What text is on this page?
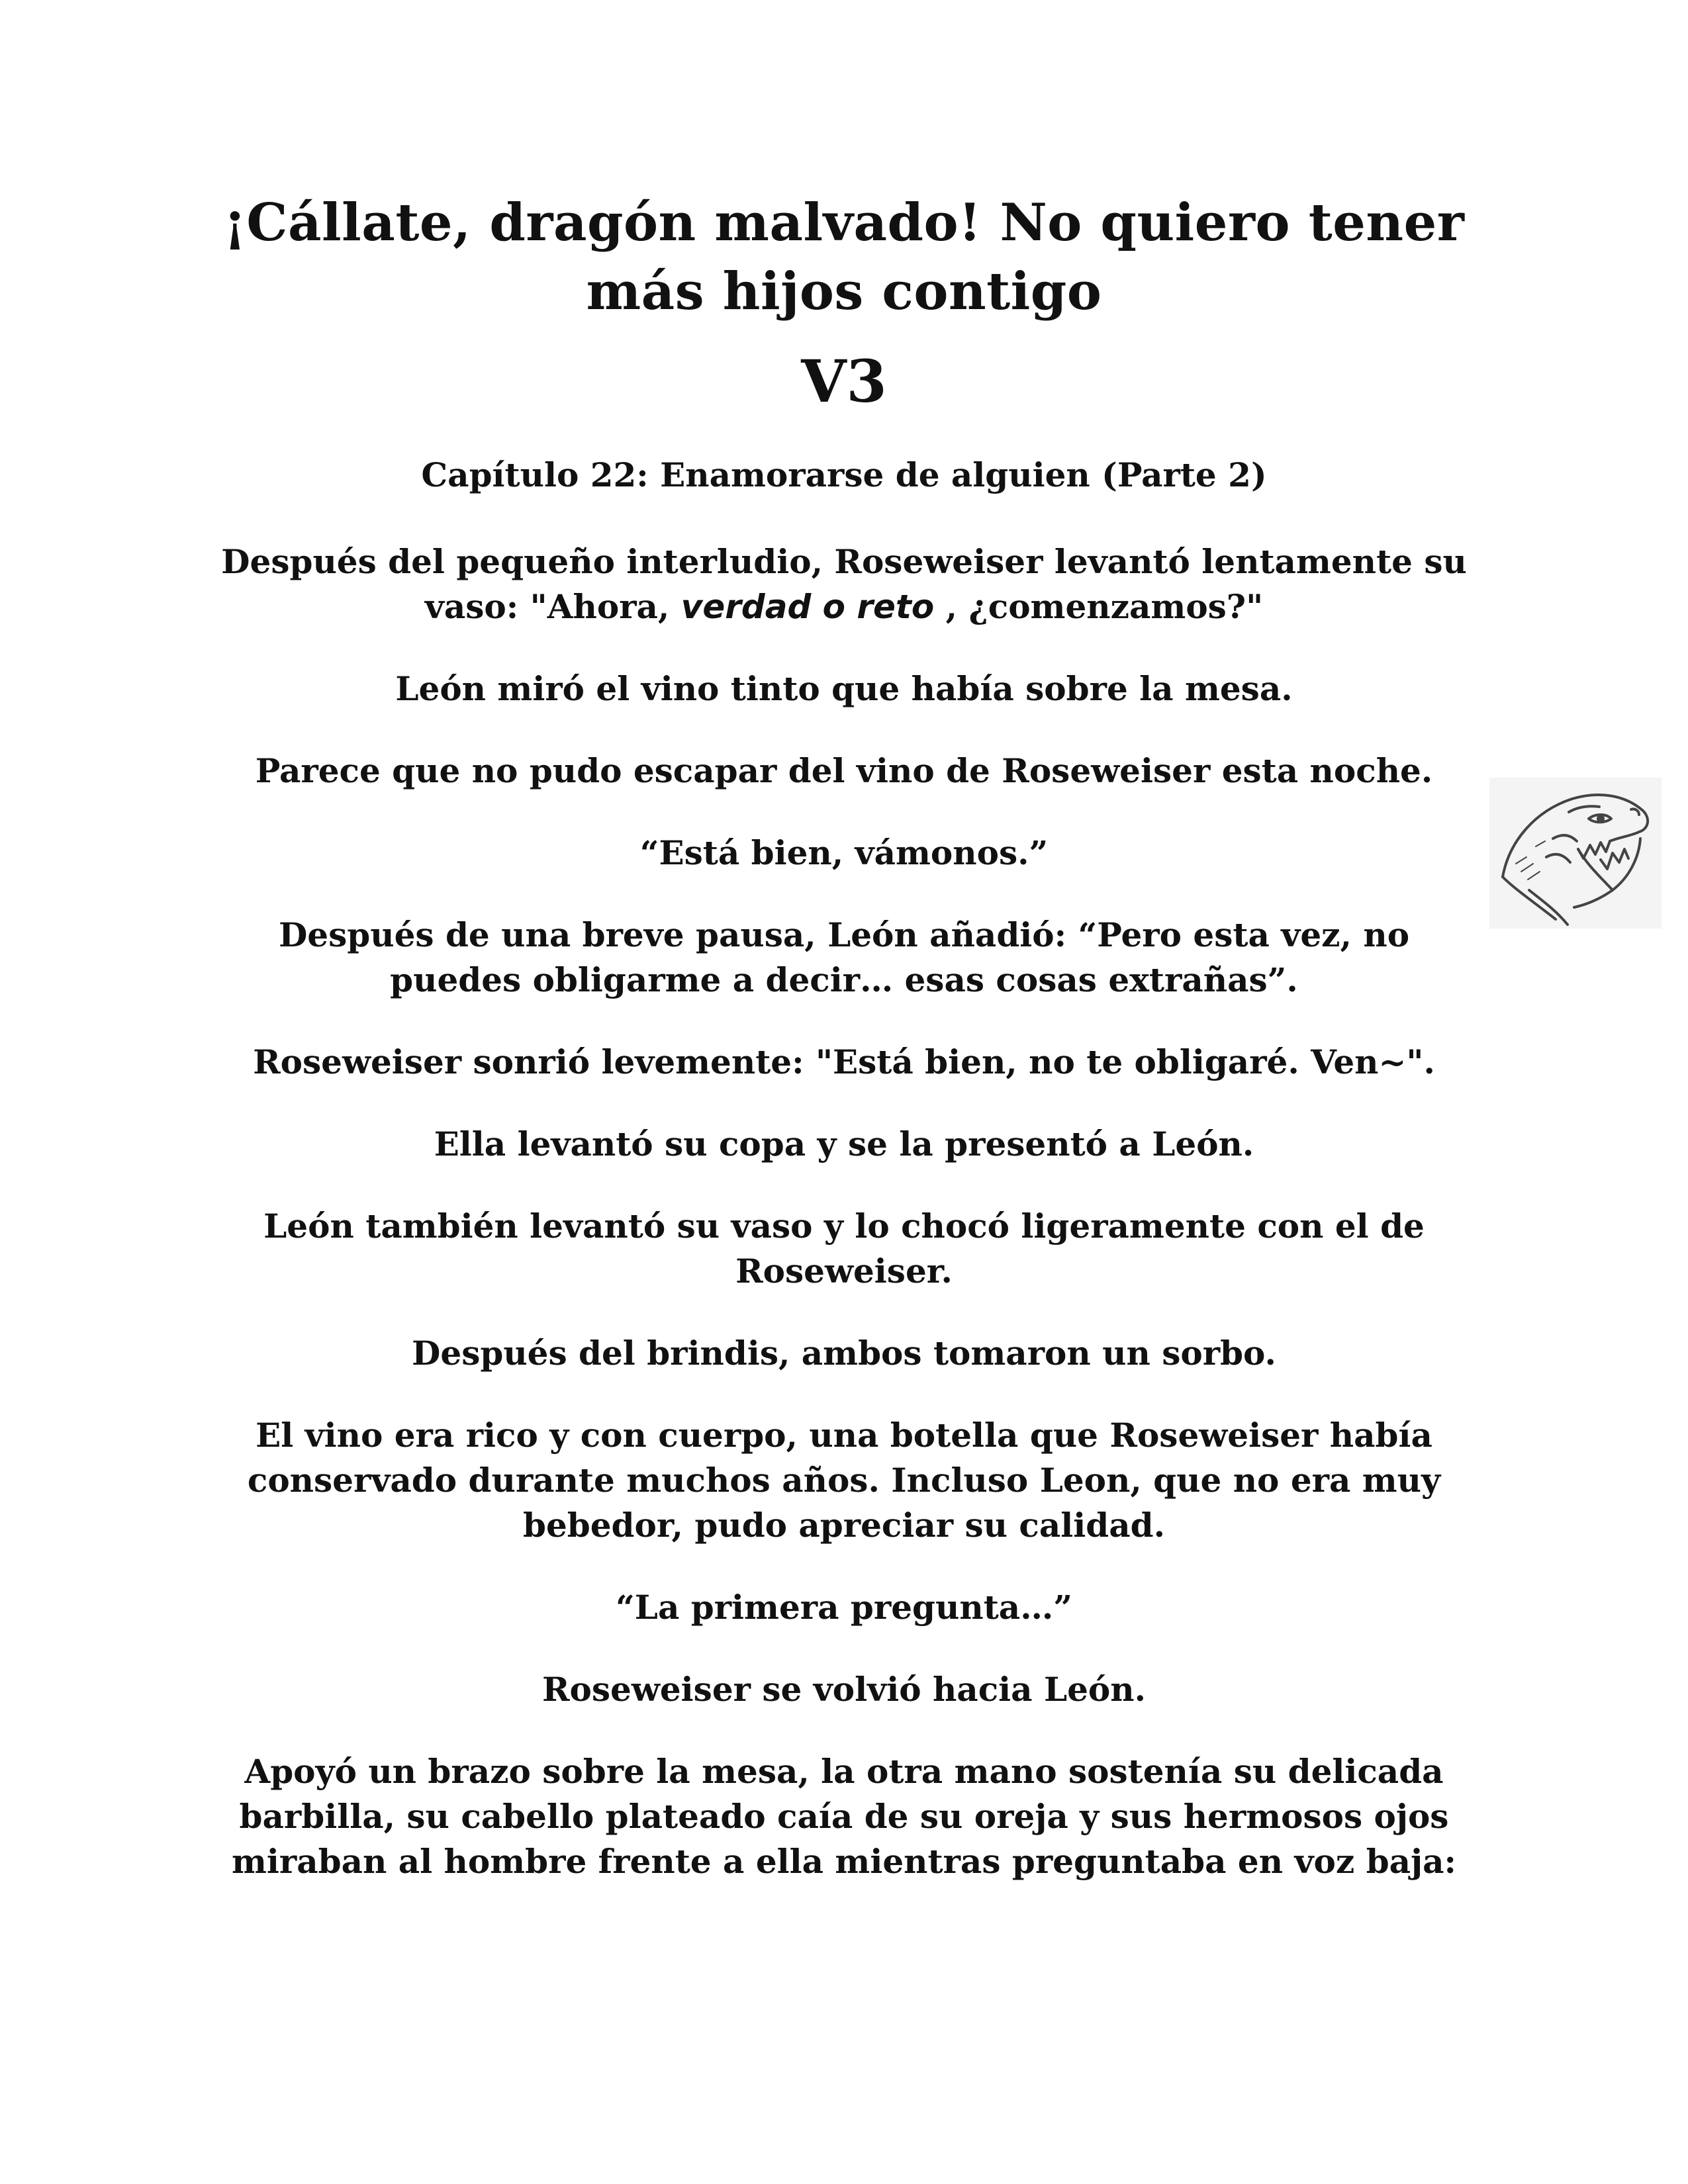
¡Cállate, dragón malvado! No quiero tener
más hijos contigo
V3
Capítulo 22: Enamorarse de alguien (Parte 2)

Después del pequeño interludio, Roseweiser levantó lentamente su vaso: "Ahora, verdad o reto , ¿comenzamos?"

León miró el vino tinto que había sobre la mesa.

Parece que no pudo escapar del vino de Roseweiser esta noche.

“Está bien, vámonos.”

Después de una breve pausa, León añadió: “Pero esta vez, no puedes obligarme a decir… esas cosas extrañas”.

Roseweiser sonrió levemente: "Está bien, no te obligaré. Ven~".

Ella levantó su copa y se la presentó a León.

León también levantó su vaso y lo chocó ligeramente con el de Roseweiser.

Después del brindis, ambos tomaron un sorbo.

El vino era rico y con cuerpo, una botella que Roseweiser había conservado durante muchos años. Incluso Leon, que no era muy bebedor, pudo apreciar su calidad.

“La primera pregunta…”

Roseweiser se volvió hacia León.

Apoyó un brazo sobre la mesa, la otra mano sostenía su delicada barbilla, su cabello plateado caía de su oreja y sus hermosos ojos miraban al hombre frente a ella mientras preguntaba en voz baja:
